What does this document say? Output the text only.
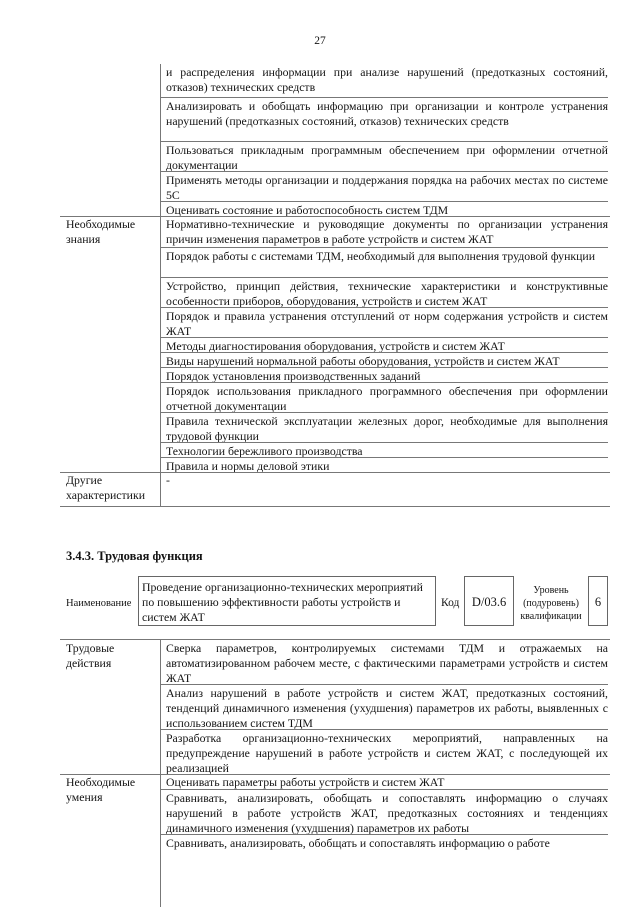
27
и распределения информации при анализе нарушений (предотказных состояний, отказов) технических средств
Анализировать и обобщать информацию при организации и контроле устранения нарушений (предотказных состояний, отказов) технических средств
Пользоваться прикладным программным обеспечением при оформлении отчетной документации
Применять методы организации и поддержания порядка на рабочих местах по системе 5С
Оценивать состояние и работоспособность систем ТДМ
Необходимые знания
Нормативно-технические и руководящие документы по организации устранения причин изменения параметров в работе устройств и систем ЖАТ
Порядок работы с системами ТДМ, необходимый для выполнения трудовой функции
Устройство, принцип действия, технические характеристики и конструктивные особенности приборов, оборудования, устройств и систем ЖАТ
Порядок и правила устранения отступлений от норм содержания устройств и систем ЖАТ
Методы диагностирования оборудования, устройств и систем ЖАТ
Виды нарушений нормальной работы оборудования, устройств и систем ЖАТ
Порядок установления производственных заданий
Порядок использования прикладного программного обеспечения при оформлении отчетной документации
Правила технической эксплуатации железных дорог, необходимые для выполнения трудовой функции
Технологии бережливого производства
Правила и нормы деловой этики
Другие характеристики
-
3.4.3. Трудовая функция
Наименование
Проведение организационно-технических мероприятий по повышению эффективности работы устройств и систем ЖАТ
Код D/03.6
Уровень (подуровень) квалификации
6
Трудовые действия
Сверка параметров, контролируемых системами ТДМ и отражаемых на автоматизированном рабочем месте, с фактическими параметрами устройств и систем ЖАТ
Анализ нарушений в работе устройств и систем ЖАТ, предотказных состояний, тенденций динамичного изменения (ухудшения) параметров их работы, выявленных с использованием систем ТДМ
Разработка организационно-технических мероприятий, направленных на предупреждение нарушений в работе устройств и систем ЖАТ, с последующей их реализацией
Необходимые умения
Оценивать параметры работы устройств и систем ЖАТ
Сравнивать, анализировать, обобщать и сопоставлять информацию о случаях нарушений в работе устройств ЖАТ, предотказных состояниях и тенденциях динамичного изменения (ухудшения) параметров их работы
Сравнивать, анализировать, обобщать и сопоставлять информацию о работе
